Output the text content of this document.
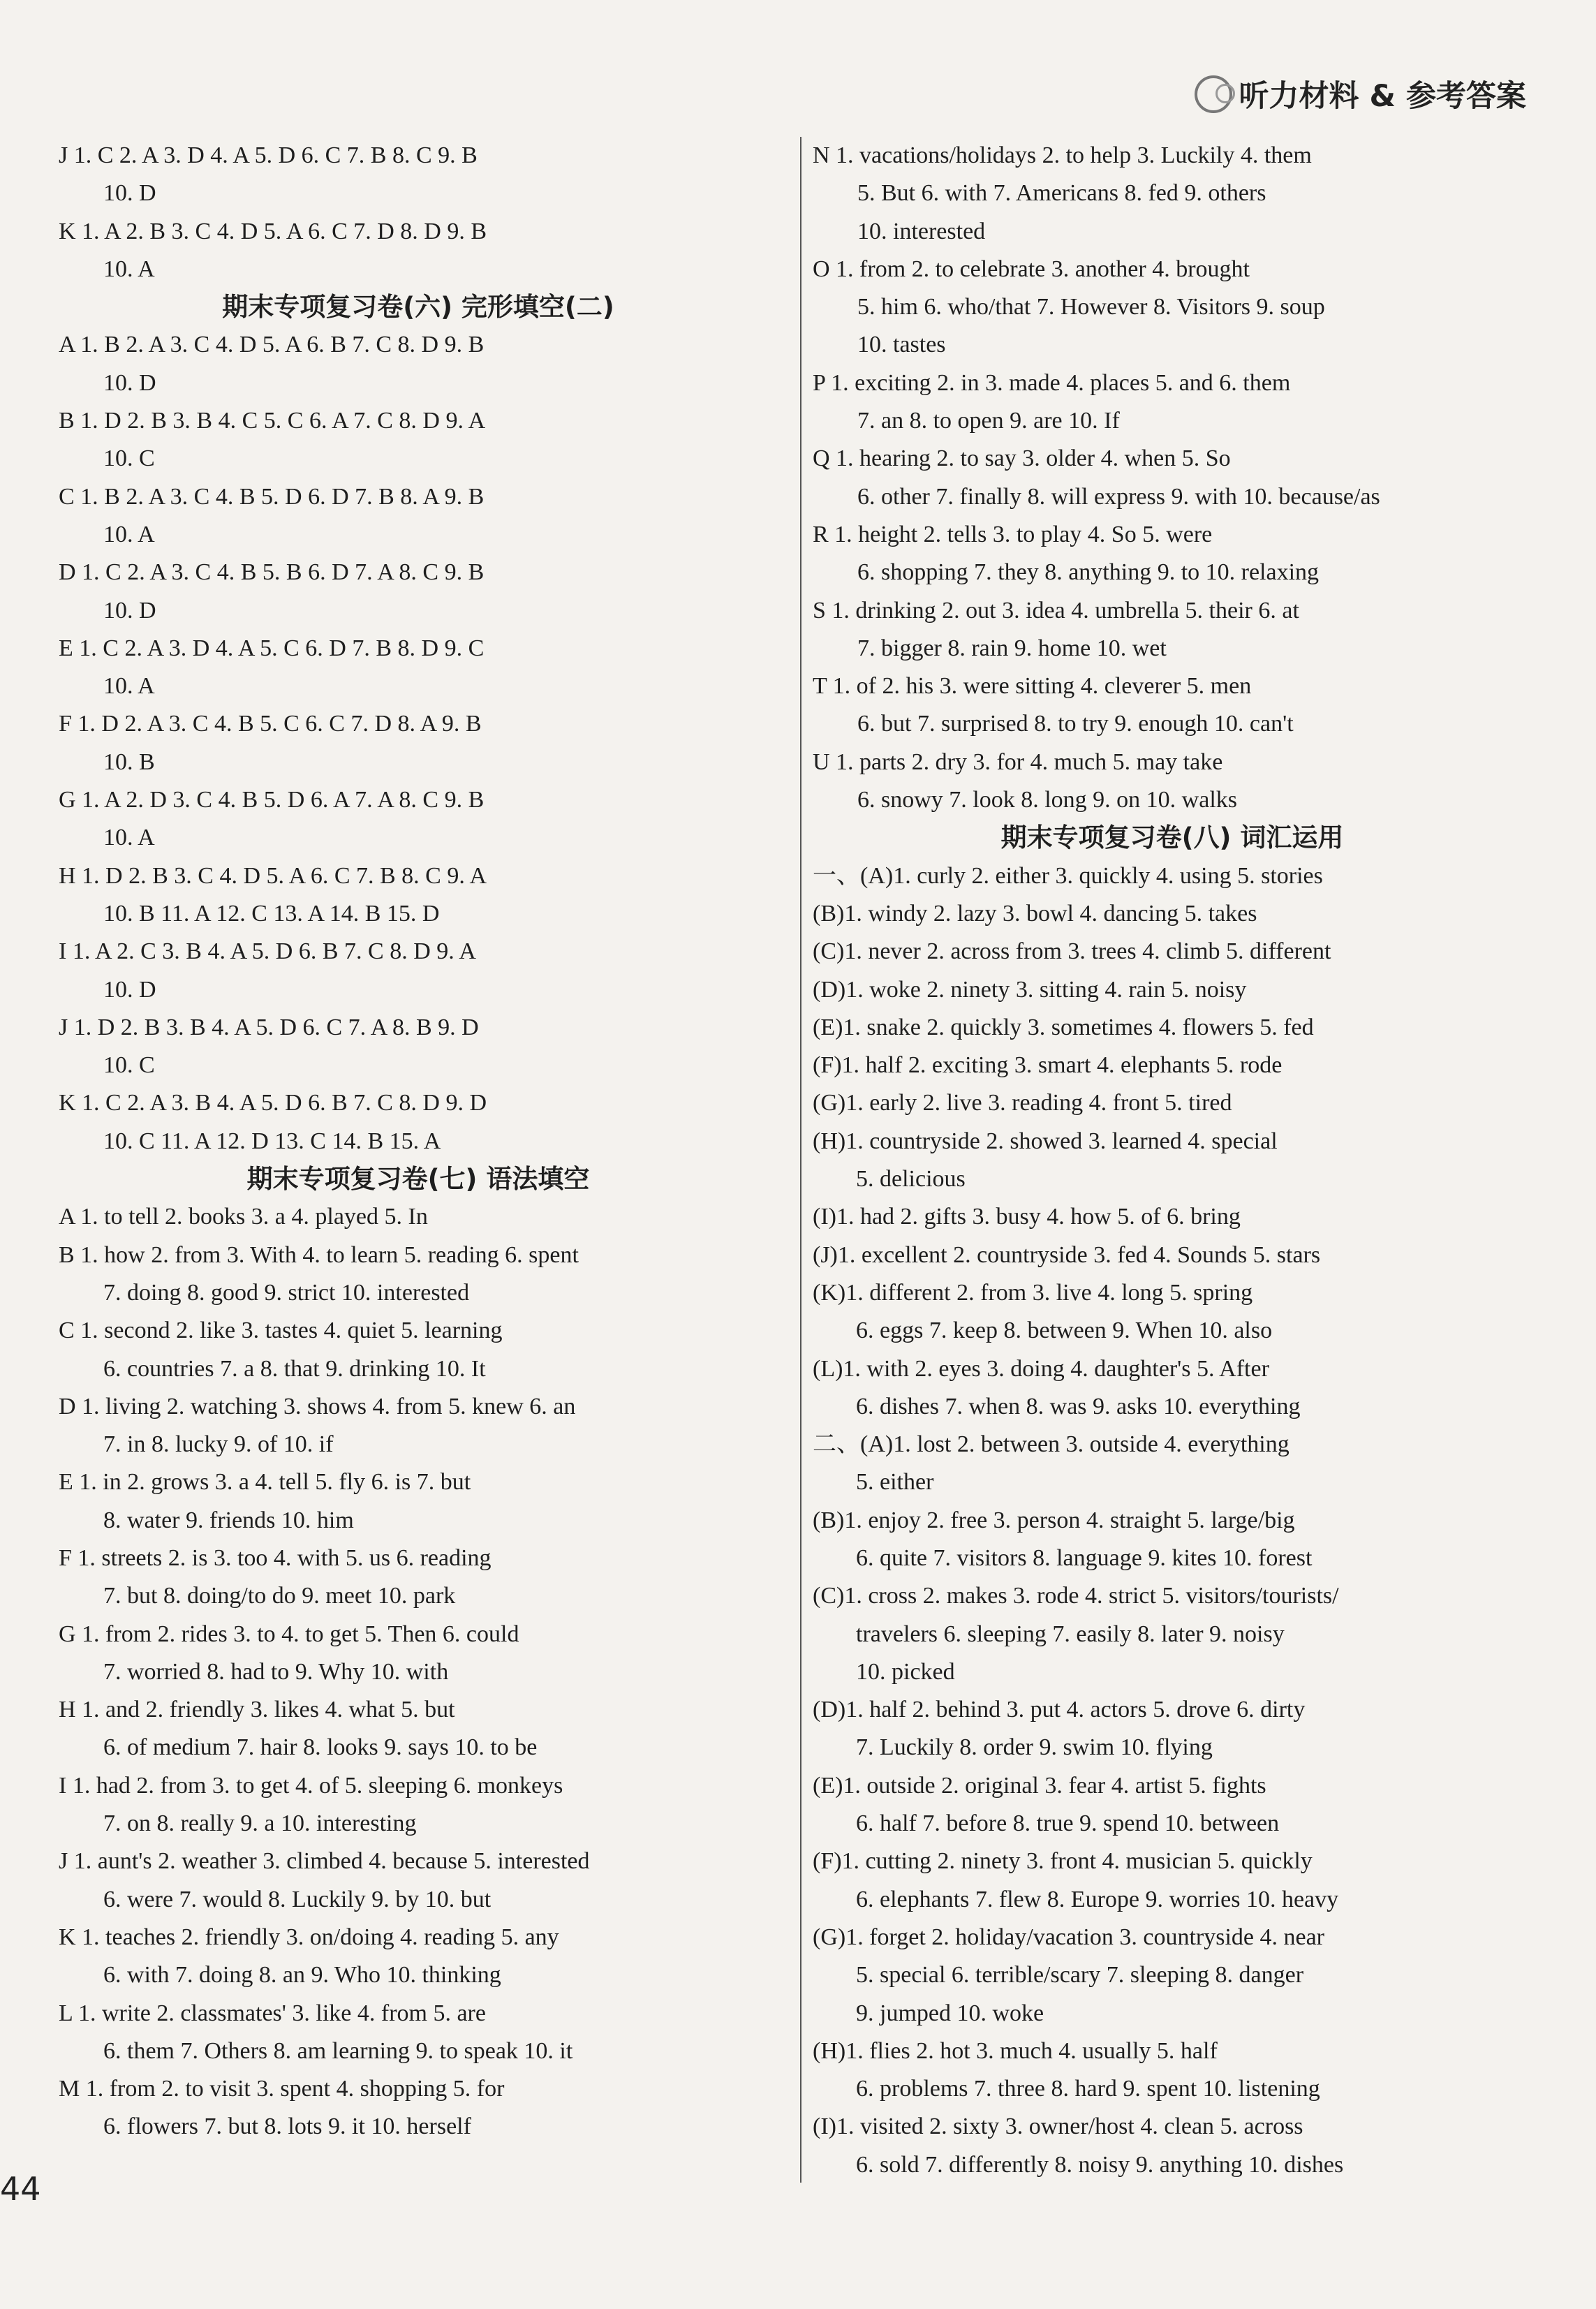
听力材料 & 参考答案
J 1. C 2. A 3. D 4. A 5. D 6. C 7. B 8. C 9. B
10. D
K 1. A 2. B 3. C 4. D 5. A 6. C 7. D 8. D 9. B
10. A
期末专项复习卷(六) 完形填空(二)
A 1. B 2. A 3. C 4. D 5. A 6. B 7. C 8. D 9. B
10. D
B 1. D 2. B 3. B 4. C 5. C 6. A 7. C 8. D 9. A
10. C
C 1. B 2. A 3. C 4. B 5. D 6. D 7. B 8. A 9. B
10. A
D 1. C 2. A 3. C 4. B 5. B 6. D 7. A 8. C 9. B
10. D
E 1. C 2. A 3. D 4. A 5. C 6. D 7. B 8. D 9. C
10. A
F 1. D 2. A 3. C 4. B 5. C 6. C 7. D 8. A 9. B
10. B
G 1. A 2. D 3. C 4. B 5. D 6. A 7. A 8. C 9. B
10. A
H 1. D 2. B 3. C 4. D 5. A 6. C 7. B 8. C 9. A
10. B 11. A 12. C 13. A 14. B 15. D
I 1. A 2. C 3. B 4. A 5. D 6. B 7. C 8. D 9. A
10. D
J 1. D 2. B 3. B 4. A 5. D 6. C 7. A 8. B 9. D
10. C
K 1. C 2. A 3. B 4. A 5. D 6. B 7. C 8. D 9. D
10. C 11. A 12. D 13. C 14. B 15. A
期末专项复习卷(七) 语法填空
A 1. to tell 2. books 3. a 4. played 5. In
B 1. how 2. from 3. With 4. to learn 5. reading 6. spent
7. doing 8. good 9. strict 10. interested
C 1. second 2. like 3. tastes 4. quiet 5. learning
6. countries 7. a 8. that 9. drinking 10. It
D 1. living 2. watching 3. shows 4. from 5. knew 6. an
7. in 8. lucky 9. of 10. if
E 1. in 2. grows 3. a 4. tell 5. fly 6. is 7. but
8. water 9. friends 10. him
F 1. streets 2. is 3. too 4. with 5. us 6. reading
7. but 8. doing/to do 9. meet 10. park
G 1. from 2. rides 3. to 4. to get 5. Then 6. could
7. worried 8. had to 9. Why 10. with
H 1. and 2. friendly 3. likes 4. what 5. but
6. of medium 7. hair 8. looks 9. says 10. to be
I 1. had 2. from 3. to get 4. of 5. sleeping 6. monkeys
7. on 8. really 9. a 10. interesting
J 1. aunt's 2. weather 3. climbed 4. because 5. interested
6. were 7. would 8. Luckily 9. by 10. but
K 1. teaches 2. friendly 3. on/doing 4. reading 5. any
6. with 7. doing 8. an 9. Who 10. thinking
L 1. write 2. classmates' 3. like 4. from 5. are
6. them 7. Others 8. am learning 9. to speak 10. it
M 1. from 2. to visit 3. spent 4. shopping 5. for
6. flowers 7. but 8. lots 9. it 10. herself
N 1. vacations/holidays 2. to help 3. Luckily 4. them
5. But 6. with 7. Americans 8. fed 9. others
10. interested
O 1. from 2. to celebrate 3. another 4. brought
5. him 6. who/that 7. However 8. Visitors 9. soup
10. tastes
P 1. exciting 2. in 3. made 4. places 5. and 6. them
7. an 8. to open 9. are 10. If
Q 1. hearing 2. to say 3. older 4. when 5. So
6. other 7. finally 8. will express 9. with 10. because/as
R 1. height 2. tells 3. to play 4. So 5. were
6. shopping 7. they 8. anything 9. to 10. relaxing
S 1. drinking 2. out 3. idea 4. umbrella 5. their 6. at
7. bigger 8. rain 9. home 10. wet
T 1. of 2. his 3. were sitting 4. cleverer 5. men
6. but 7. surprised 8. to try 9. enough 10. can't
U 1. parts 2. dry 3. for 4. much 5. may take
6. snowy 7. look 8. long 9. on 10. walks
期末专项复习卷(八) 词汇运用
一、(A)1. curly 2. either 3. quickly 4. using 5. stories
(B)1. windy 2. lazy 3. bowl 4. dancing 5. takes
(C)1. never 2. across from 3. trees 4. climb 5. different
(D)1. woke 2. ninety 3. sitting 4. rain 5. noisy
(E)1. snake 2. quickly 3. sometimes 4. flowers 5. fed
(F)1. half 2. exciting 3. smart 4. elephants 5. rode
(G)1. early 2. live 3. reading 4. front 5. tired
(H)1. countryside 2. showed 3. learned 4. special
5. delicious
(I)1. had 2. gifts 3. busy 4. how 5. of 6. bring
(J)1. excellent 2. countryside 3. fed 4. Sounds 5. stars
(K)1. different 2. from 3. live 4. long 5. spring
6. eggs 7. keep 8. between 9. When 10. also
(L)1. with 2. eyes 3. doing 4. daughter's 5. After
6. dishes 7. when 8. was 9. asks 10. everything
二、(A)1. lost 2. between 3. outside 4. everything
5. either
(B)1. enjoy 2. free 3. person 4. straight 5. large/big
6. quite 7. visitors 8. language 9. kites 10. forest
(C)1. cross 2. makes 3. rode 4. strict 5. visitors/tourists/
travelers 6. sleeping 7. easily 8. later 9. noisy
10. picked
(D)1. half 2. behind 3. put 4. actors 5. drove 6. dirty
7. Luckily 8. order 9. swim 10. flying
(E)1. outside 2. original 3. fear 4. artist 5. fights
6. half 7. before 8. true 9. spend 10. between
(F)1. cutting 2. ninety 3. front 4. musician 5. quickly
6. elephants 7. flew 8. Europe 9. worries 10. heavy
(G)1. forget 2. holiday/vacation 3. countryside 4. near
5. special 6. terrible/scary 7. sleeping 8. danger
9. jumped 10. woke
(H)1. flies 2. hot 3. much 4. usually 5. half
6. problems 7. three 8. hard 9. spent 10. listening
(I)1. visited 2. sixty 3. owner/host 4. clean 5. across
6. sold 7. differently 8. noisy 9. anything 10. dishes
44
